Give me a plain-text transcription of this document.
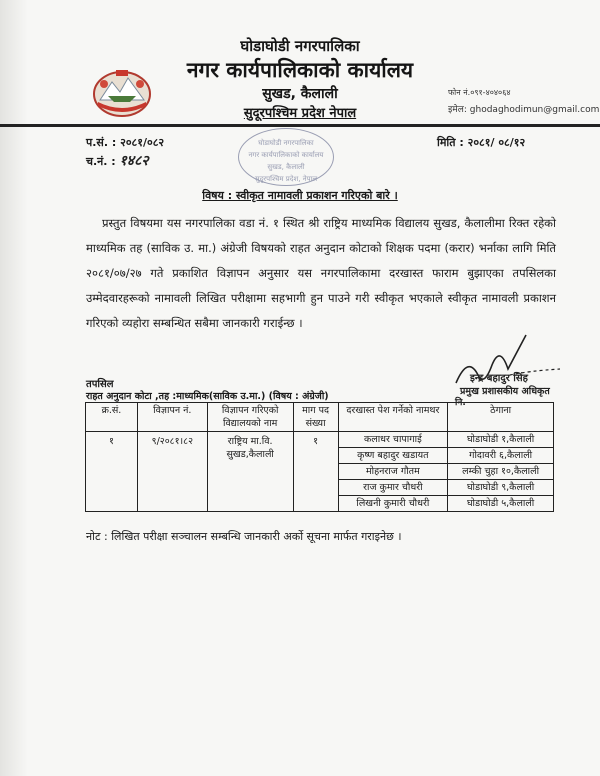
घोडाघोडी नगरपालिका
नगर कार्यपालिकाको कार्यालय
सुखड, कैलाली
सुदूरपश्चिम प्रदेश नेपाल
फोन नं.०९१-४०४०६४
इमेल: ghodaghodimun@gmail.com
प.सं. : २०८१/०८२
च.नं. : १४८२
घोडाघोडी नगरपालिका
नगर कार्यपालिकाको कार्यालय
सुखड, कैलाली
सुदूरपश्चिम प्रदेश, नेपाल
मिति : २०८१/ ०८/१२
विषय : स्वीकृत नामावली प्रकाशन गरिएको बारे ।
प्रस्तुत विषयमा यस नगरपालिका वडा नं. १ स्थित श्री राष्ट्रिय माध्यमिक विद्यालय सुखड, कैलालीमा रिक्त रहेको माध्यमिक तह (साविक उ. मा.) अंग्रेजी विषयको राहत अनुदान कोटाको शिक्षक पदमा (करार) भर्नाका लागि मिति २०८१/०७/२७ गते प्रकाशित विज्ञापन अनुसार यस नगरपालिकामा दरखास्त फाराम बुझाएका तपसिलका उम्मेदवारहरूको नामावली लिखित परीक्षामा सहभागी हुन पाउने गरी स्वीकृत भएकाले स्वीकृत नामावली प्रकाशन गरिएको व्यहोरा सम्बन्धित सबैमा जानकारी गराईन्छ ।
इन्द्र बहादुर सिंह
प्रमुख प्रशासकीय अधिकृत
नि.
तपसिल
राहत अनुदान कोटा ,तह :माध्यमिक(साविक उ.मा.) (विषय : अंग्रेजी)
क्र.सं.	विज्ञापन नं.	विज्ञापन गरिएको विद्यालयको नाम	माग पद संख्या	दरखास्त पेश गर्नेको नामथर	ठेगाना
१	९/२०८१।८२	राष्ट्रिय मा.वि. सुखड,कैलाली	१	कलाधर चापागाई	घोडाघोडी १,कैलाली
				कृष्ण बहादुर खडायत	गोदावरी ६,कैलाली
				मोहनराज गौतम	लम्की चुहा १०,कैलाली
				राज कुमार चौधरी	घोडाघोडी ९,कैलाली
				लिखनी कुमारी चौधरी	घोडाघोडी ५,कैलाली
नोट : लिखित परीक्षा सञ्चालन सम्बन्धि जानकारी अर्को सूचना मार्फत गराइनेछ ।
